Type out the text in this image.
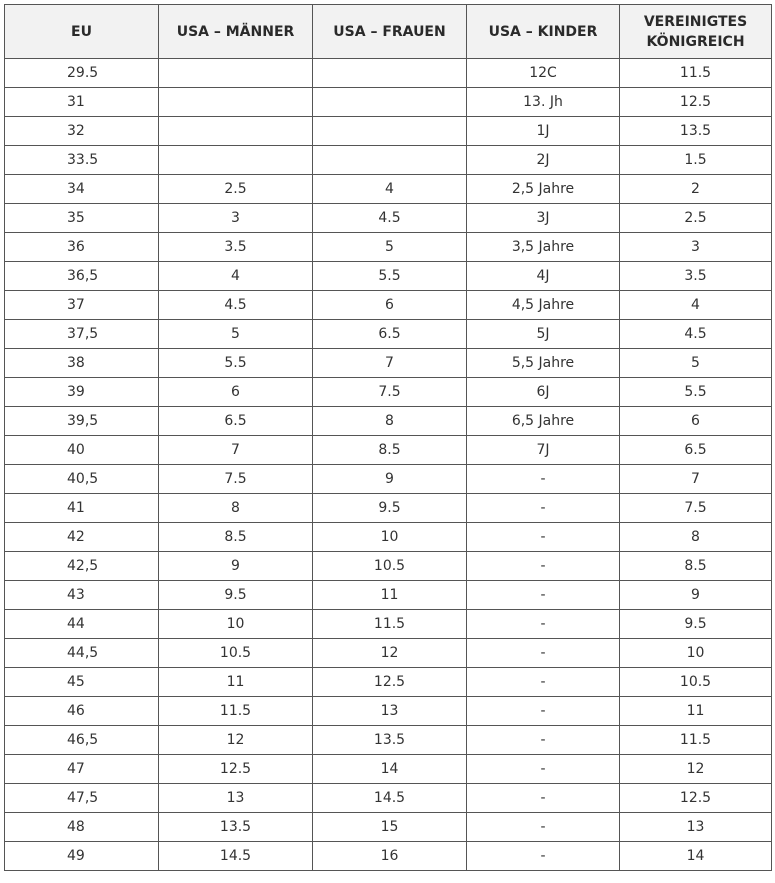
EU	USA – MÄNNER	USA – FRAUEN	USA – KINDER	VEREINIGTES KÖNIGREICH
29.5			12C	11.5
31			13. Jh	12.5
32			1J	13.5
33.5			2J	1.5
34	2.5	4	2,5 Jahre	2
35	3	4.5	3J	2.5
36	3.5	5	3,5 Jahre	3
36,5	4	5.5	4J	3.5
37	4.5	6	4,5 Jahre	4
37,5	5	6.5	5J	4.5
38	5.5	7	5,5 Jahre	5
39	6	7.5	6J	5.5
39,5	6.5	8	6,5 Jahre	6
40	7	8.5	7J	6.5
40,5	7.5	9	-	7
41	8	9.5	-	7.5
42	8.5	10	-	8
42,5	9	10.5	-	8.5
43	9.5	11	-	9
44	10	11.5	-	9.5
44,5	10.5	12	-	10
45	11	12.5	-	10.5
46	11.5	13	-	11
46,5	12	13.5	-	11.5
47	12.5	14	-	12
47,5	13	14.5	-	12.5
48	13.5	15	-	13
49	14.5	16	-	14
